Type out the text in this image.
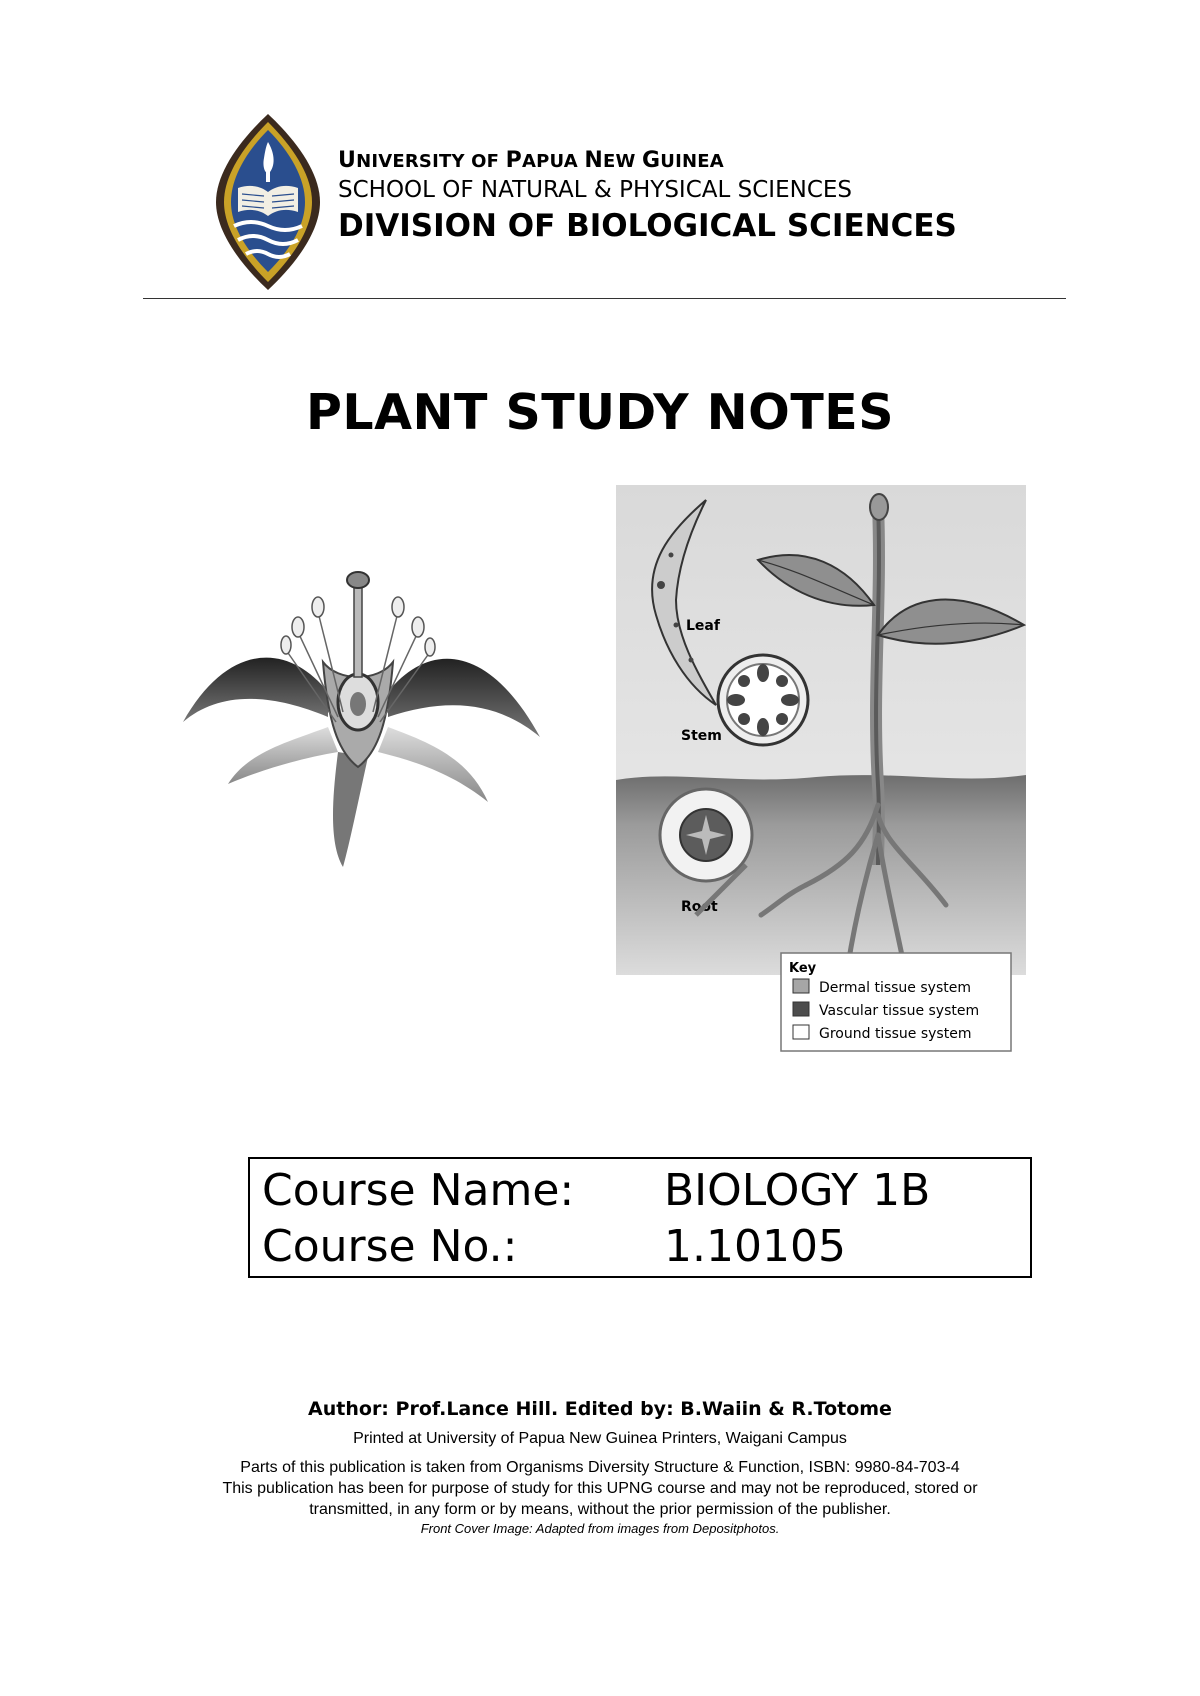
UNIVERSITY OF PAPUA NEW GUINEA
SCHOOL OF NATURAL & PHYSICAL SCIENCES
DIVISION OF BIOLOGICAL SCIENCES
PLANT STUDY NOTES
Leaf
Stem
Root
Key
Dermal tissue system
Vascular tissue system
Ground tissue system
Course Name: BIOLOGY 1B
Course No.:	1.10105
Author: Prof.Lance Hill. Edited by: B.Waiin & R.Totome
Printed at University of Papua New Guinea Printers, Waigani Campus
Parts of this publication is taken from Organisms Diversity Structure & Function, ISBN: 9980-84-703-4
This publication has been for purpose of study for this UPNG course and may not be reproduced, stored or
transmitted, in any form or by means, without the prior permission of the publisher.
Front Cover Image: Adapted from images from Depositphotos.
